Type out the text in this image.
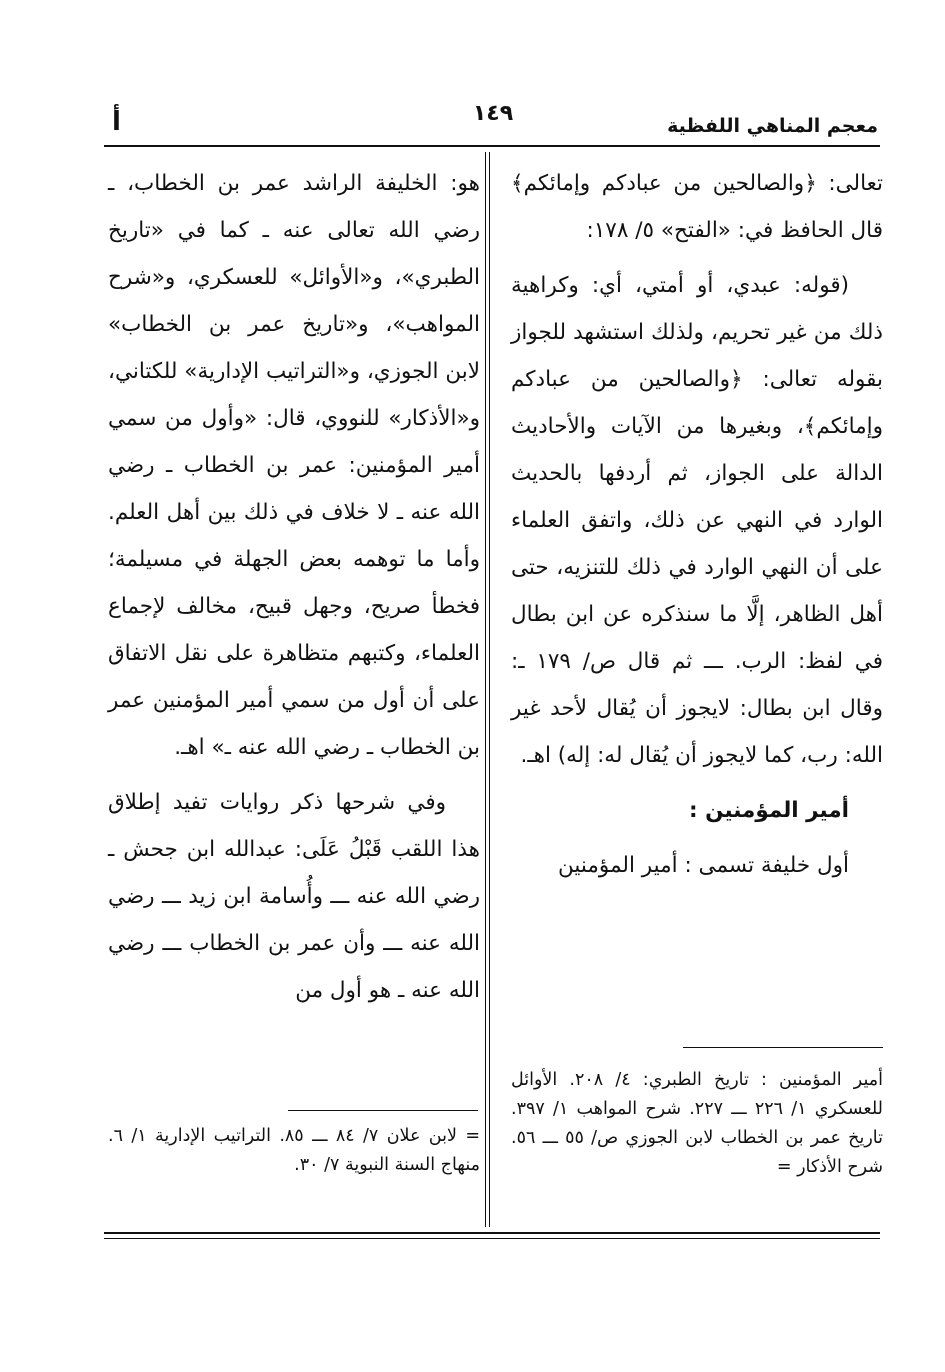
معجم المناهي اللفظية
١٤٩
أ

تعالى: ﴿والصالحين من عبادكم وإمائكم﴾ قال الحافظ في: «الفتح» ٥/ ١٧٨:

(قوله: عبدي، أو أمتي، أي: وكراهية ذلك من غير تحريم، ولذلك استشهد للجواز بقوله تعالى: ﴿والصالحين من عبادكم وإمائكم﴾، وبغيرها من الآيات والأحاديث الدالة على الجواز، ثم أردفها بالحديث الوارد في النهي عن ذلك، واتفق العلماء على أن النهي الوارد في ذلك للتنزيه، حتى أهل الظاهر، إلَّا ما سنذكره عن ابن بطال في لفظ: الرب. ـــ ثم قال ص/ ١٧٩ ـ: وقال ابن بطال: لايجوز أن يُقال لأحد غير الله: رب، كما لايجوز أن يُقال له: إله) اهـ.

أمير المؤمنين :

أول خليفة تسمى : أمير المؤمنين

هو: الخليفة الراشد عمر بن الخطاب، ـ رضي الله تعالى عنه ـ كما في «تاريخ الطبري»، و«الأوائل» للعسكري، و«شرح المواهب»، و«تاريخ عمر بن الخطاب» لابن الجوزي، و«التراتيب الإدارية» للكتاني، و«الأذكار» للنووي، قال: «وأول من سمي أمير المؤمنين: عمر بن الخطاب ـ رضي الله عنه ـ لا خلاف في ذلك بين أهل العلم. وأما ما توهمه بعض الجهلة في مسيلمة؛ فخطأ صريح، وجهل قبيح، مخالف لإجماع العلماء، وكتبهم متظاهرة على نقل الاتفاق على أن أول من سمي أمير المؤمنين عمر بن الخطاب ـ رضي الله عنه ـ» اهـ.

وفي شرحها ذكر روايات تفيد إطلاق هذا اللقب قَبْلُ عَلَى: عبدالله ابن جحش ـ رضي الله عنه ـــ وأُسامة ابن زيد ـــ رضي الله عنه ـــ وأن عمر بن الخطاب ـــ رضي الله عنه ـ هو أول من

أمير المؤمنين : تاريخ الطبري: ٤/ ٢٠٨. الأوائل للعسكري ١/ ٢٢٦ ـــ ٢٢٧. شرح المواهب ١/ ٣٩٧. تاريخ عمر بن الخطاب لابن الجوزي ص/ ٥٥ ـــ ٥٦. شرح الأذكار =

= لابن علان ٧/ ٨٤ ـــ ٨٥. التراتيب الإدارية ١/ ٦. منهاج السنة النبوية ٧/ ٣٠.
